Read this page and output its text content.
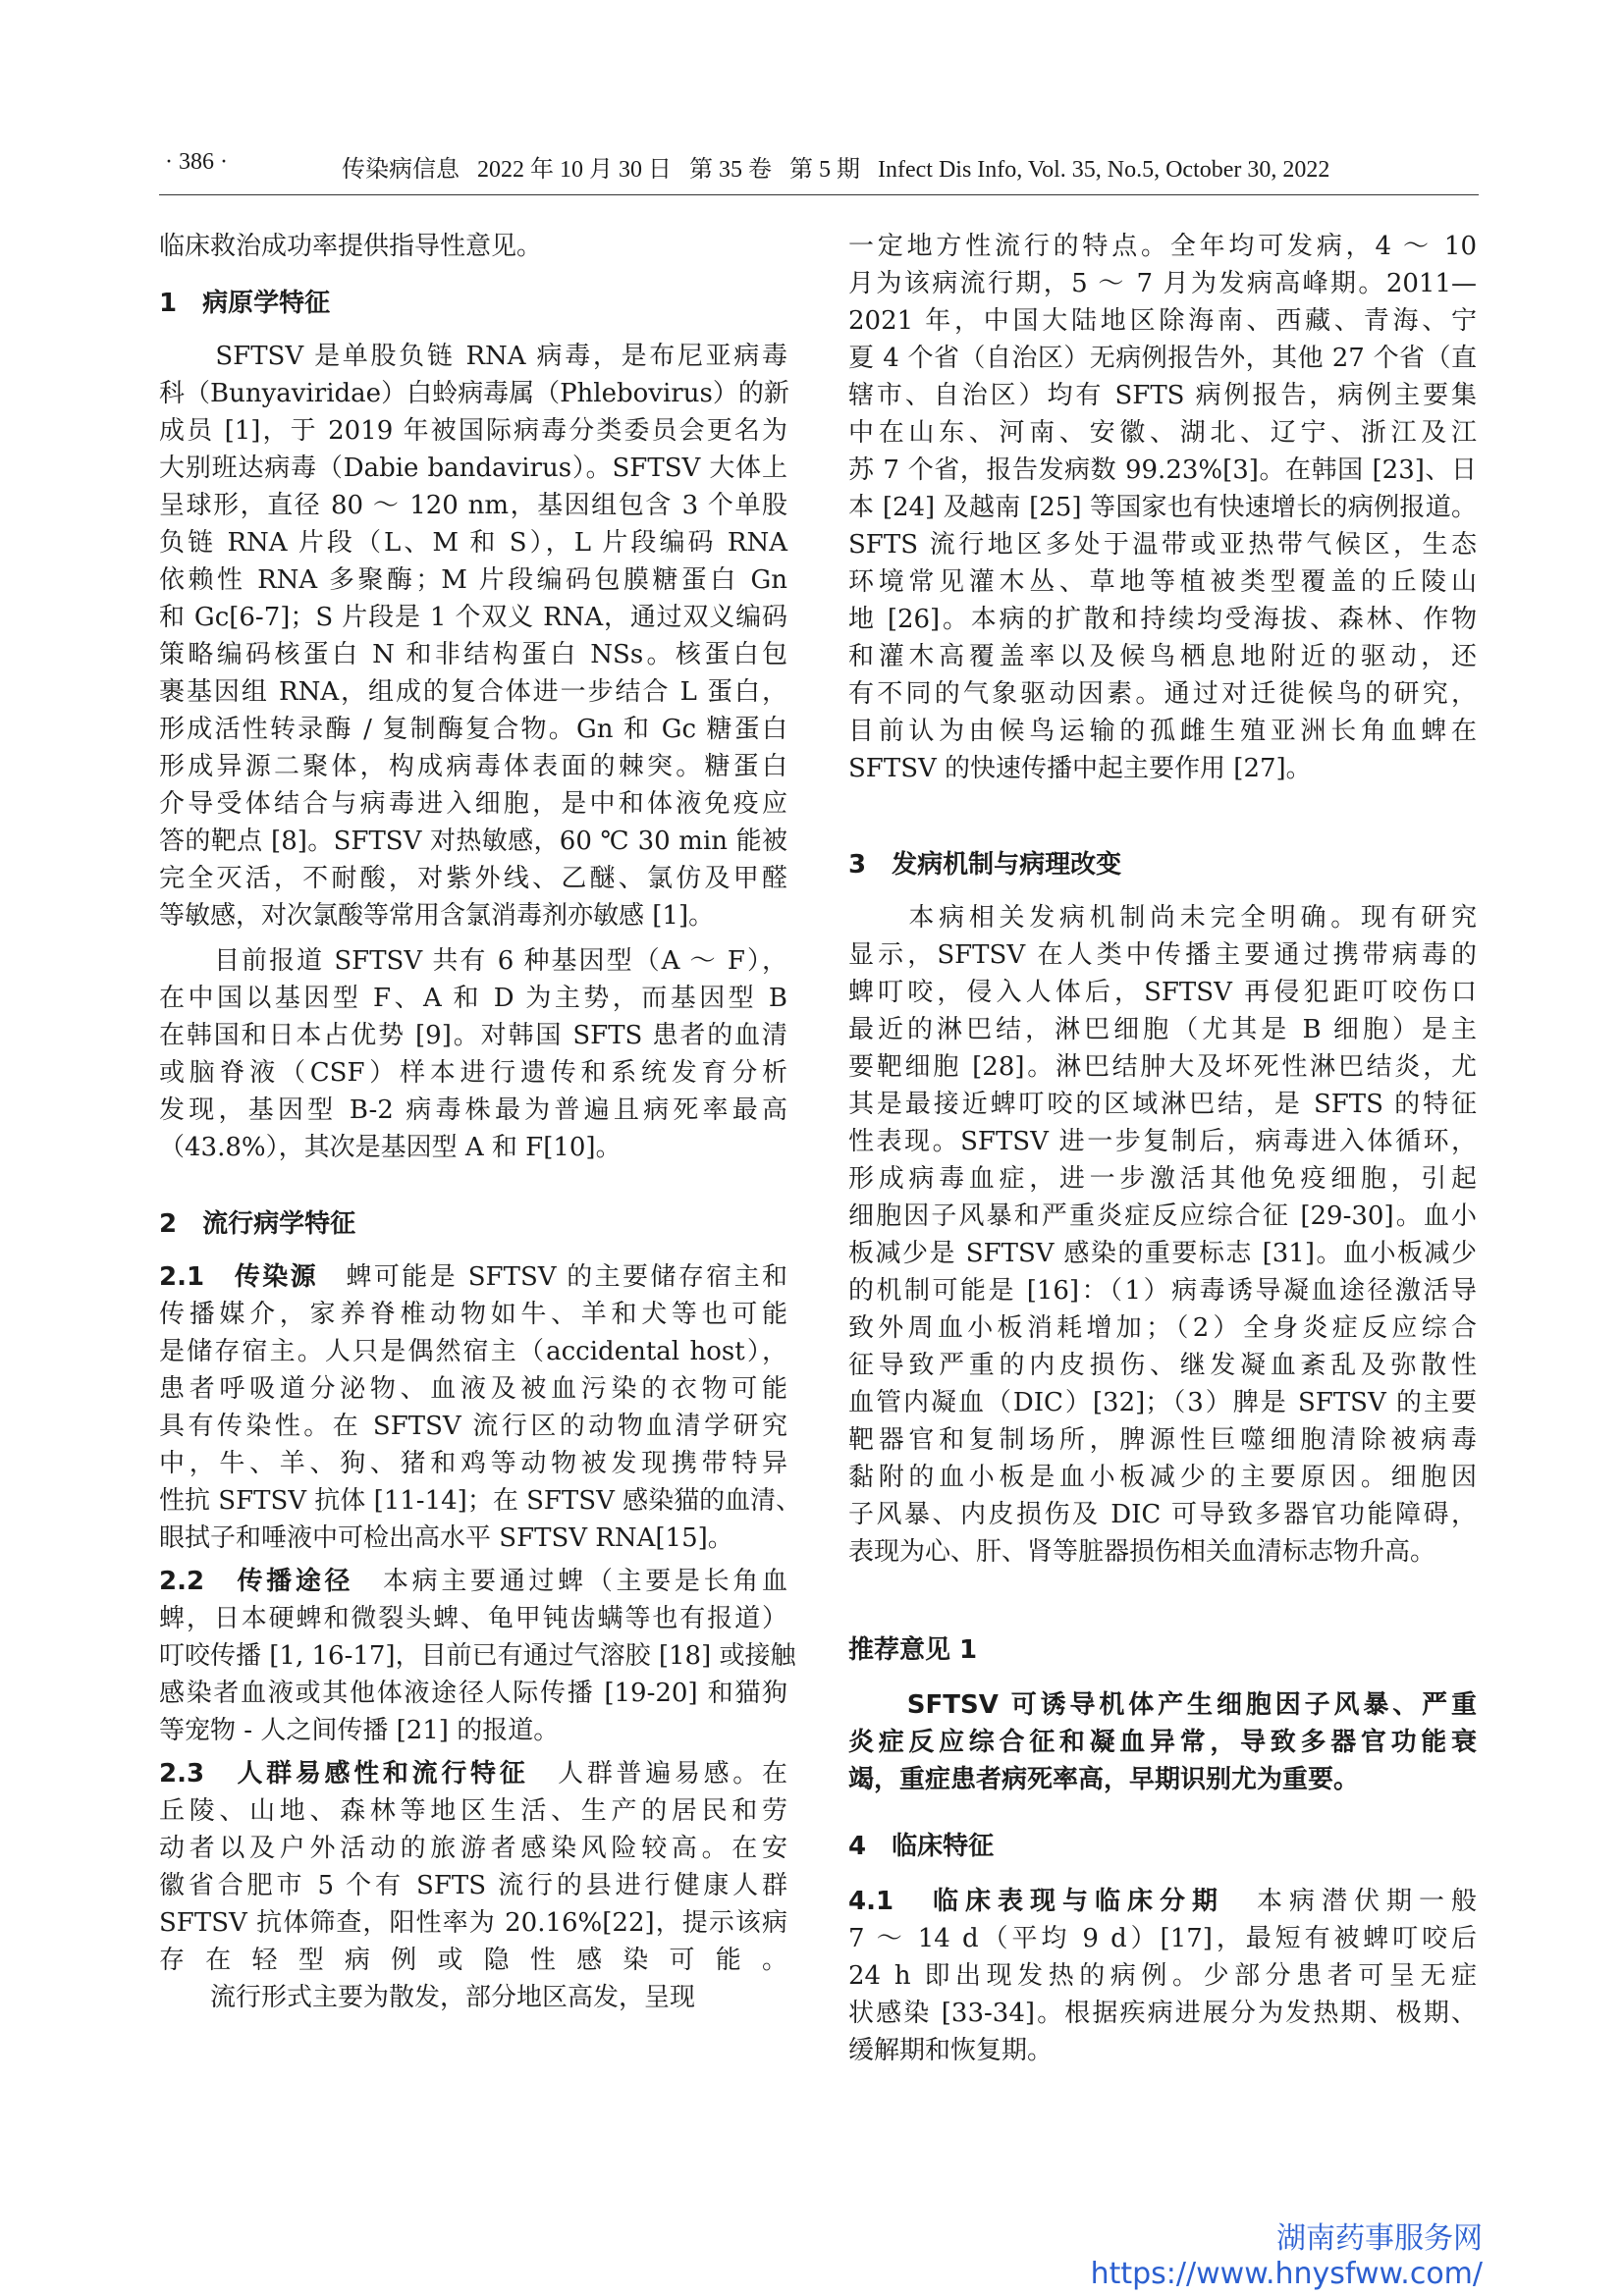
· 386 ·	传染病信息   2022 年 10 月 30 日   第 35 卷   第 5 期   Infect Dis Info, Vol. 35, No.5, October 30, 2022
临床救治成功率提供指导性意见。
1　病原学特征
　　SFTSV 是单股负链 RNA 病毒，是布尼亚病毒
科（Bunyaviridae）白蛉病毒属（Phlebovirus）的新
成员 [1]，于 2019 年被国际病毒分类委员会更名为
大别班达病毒（Dabie bandavirus）。SFTSV 大体上
呈球形，直径 80 ～ 120 nm，基因组包含 3 个单股
负链 RNA 片段（L、M 和 S），L 片段编码 RNA
依赖性 RNA 多聚酶；M 片段编码包膜糖蛋白 Gn
和 Gc[6-7]；S 片段是 1 个双义 RNA，通过双义编码
策略编码核蛋白 N 和非结构蛋白 NSs。核蛋白包
裹基因组 RNA，组成的复合体进一步结合 L 蛋白，
形成活性转录酶 / 复制酶复合物。Gn 和 Gc 糖蛋白
形成异源二聚体，构成病毒体表面的棘突。糖蛋白
介导受体结合与病毒进入细胞，是中和体液免疫应
答的靶点 [8]。SFTSV 对热敏感，60 ℃ 30 min 能被
完全灭活，不耐酸，对紫外线、乙醚、氯仿及甲醛
等敏感，对次氯酸等常用含氯消毒剂亦敏感 [1]。
　　目前报道 SFTSV 共有 6 种基因型（A ～ F），
在中国以基因型 F、A 和 D 为主势，而基因型 B
在韩国和日本占优势 [9]。对韩国 SFTS 患者的血清
或脑脊液（CSF）样本进行遗传和系统发育分析
发现，基因型 B-2 病毒株最为普遍且病死率最高
（43.8%），其次是基因型 A 和 F[10]。
2　流行病学特征
2.1　传染源　蜱可能是 SFTSV 的主要储存宿主和
传播媒介，家养脊椎动物如牛、羊和犬等也可能
是储存宿主。人只是偶然宿主（accidental host），
患者呼吸道分泌物、血液及被血污染的衣物可能
具有传染性。在 SFTSV 流行区的动物血清学研究
中，牛、羊、狗、猪和鸡等动物被发现携带特异
性抗 SFTSV 抗体 [11-14]；在 SFTSV 感染猫的血清、
眼拭子和唾液中可检出高水平 SFTSV RNA[15]。
2.2　传播途径　本病主要通过蜱（主要是长角血
蜱，日本硬蜱和微裂头蜱、龟甲钝齿螨等也有报道）
叮咬传播 [1, 16-17]，目前已有通过气溶胶 [18] 或接触
感染者血液或其他体液途径人际传播 [19-20] 和猫狗
等宠物 - 人之间传播 [21] 的报道。
2.3　人群易感性和流行特征　人群普遍易感。在
丘陵、山地、森林等地区生活、生产的居民和劳
动者以及户外活动的旅游者感染风险较高。在安
徽省合肥市 5 个有 SFTS 流行的县进行健康人群
SFTSV 抗体筛查，阳性率为 20.16%[22]，提示该病
存在轻型病例或隐性感染可能。
　　流行形式主要为散发，部分地区高发，呈现
一定地方性流行的特点。全年均可发病，4 ～ 10
月为该病流行期，5 ～ 7 月为发病高峰期。2011—
2021 年，中国大陆地区除海南、西藏、青海、宁
夏 4 个省（自治区）无病例报告外，其他 27 个省（直
辖市、自治区）均有 SFTS 病例报告，病例主要集
中在山东、河南、安徽、湖北、辽宁、浙江及江
苏 7 个省，报告发病数 99.23%[3]。在韩国 [23]、日
本 [24] 及越南 [25] 等国家也有快速增长的病例报道。
SFTS 流行地区多处于温带或亚热带气候区，生态
环境常见灌木丛、草地等植被类型覆盖的丘陵山
地 [26]。本病的扩散和持续均受海拔、森林、作物
和灌木高覆盖率以及候鸟栖息地附近的驱动，还
有不同的气象驱动因素。通过对迁徙候鸟的研究，
目前认为由候鸟运输的孤雌生殖亚洲长角血蜱在
SFTSV 的快速传播中起主要作用 [27]。
3　发病机制与病理改变
　　本病相关发病机制尚未完全明确。现有研究
显示，SFTSV 在人类中传播主要通过携带病毒的
蜱叮咬，侵入人体后，SFTSV 再侵犯距叮咬伤口
最近的淋巴结，淋巴细胞（尤其是 B 细胞）是主
要靶细胞 [28]。淋巴结肿大及坏死性淋巴结炎，尤
其是最接近蜱叮咬的区域淋巴结，是 SFTS 的特征
性表现。SFTSV 进一步复制后，病毒进入体循环，
形成病毒血症，进一步激活其他免疫细胞，引起
细胞因子风暴和严重炎症反应综合征 [29-30]。血小
板减少是 SFTSV 感染的重要标志 [31]。血小板减少
的机制可能是 [16]：（1）病毒诱导凝血途径激活导
致外周血小板消耗增加；（2）全身炎症反应综合
征导致严重的内皮损伤、继发凝血紊乱及弥散性
血管内凝血（DIC）[32]；（3）脾是 SFTSV 的主要
靶器官和复制场所，脾源性巨噬细胞清除被病毒
黏附的血小板是血小板减少的主要原因。细胞因
子风暴、内皮损伤及 DIC 可导致多器官功能障碍，
表现为心、肝、肾等脏器损伤相关血清标志物升高。
推荐意见 1
　　SFTSV 可诱导机体产生细胞因子风暴、严重
炎症反应综合征和凝血异常，导致多器官功能衰
竭，重症患者病死率高，早期识别尤为重要。
4　临床特征
4.1　临床表现与临床分期　本病潜伏期一般
7 ～ 14 d（平均 9 d）[17]，最短有被蜱叮咬后
24 h 即出现发热的病例。少部分患者可呈无症
状感染 [33-34]。根据疾病进展分为发热期、极期、
缓解期和恢复期。
湖南药事服务网
https://www.hnysfww.com/
